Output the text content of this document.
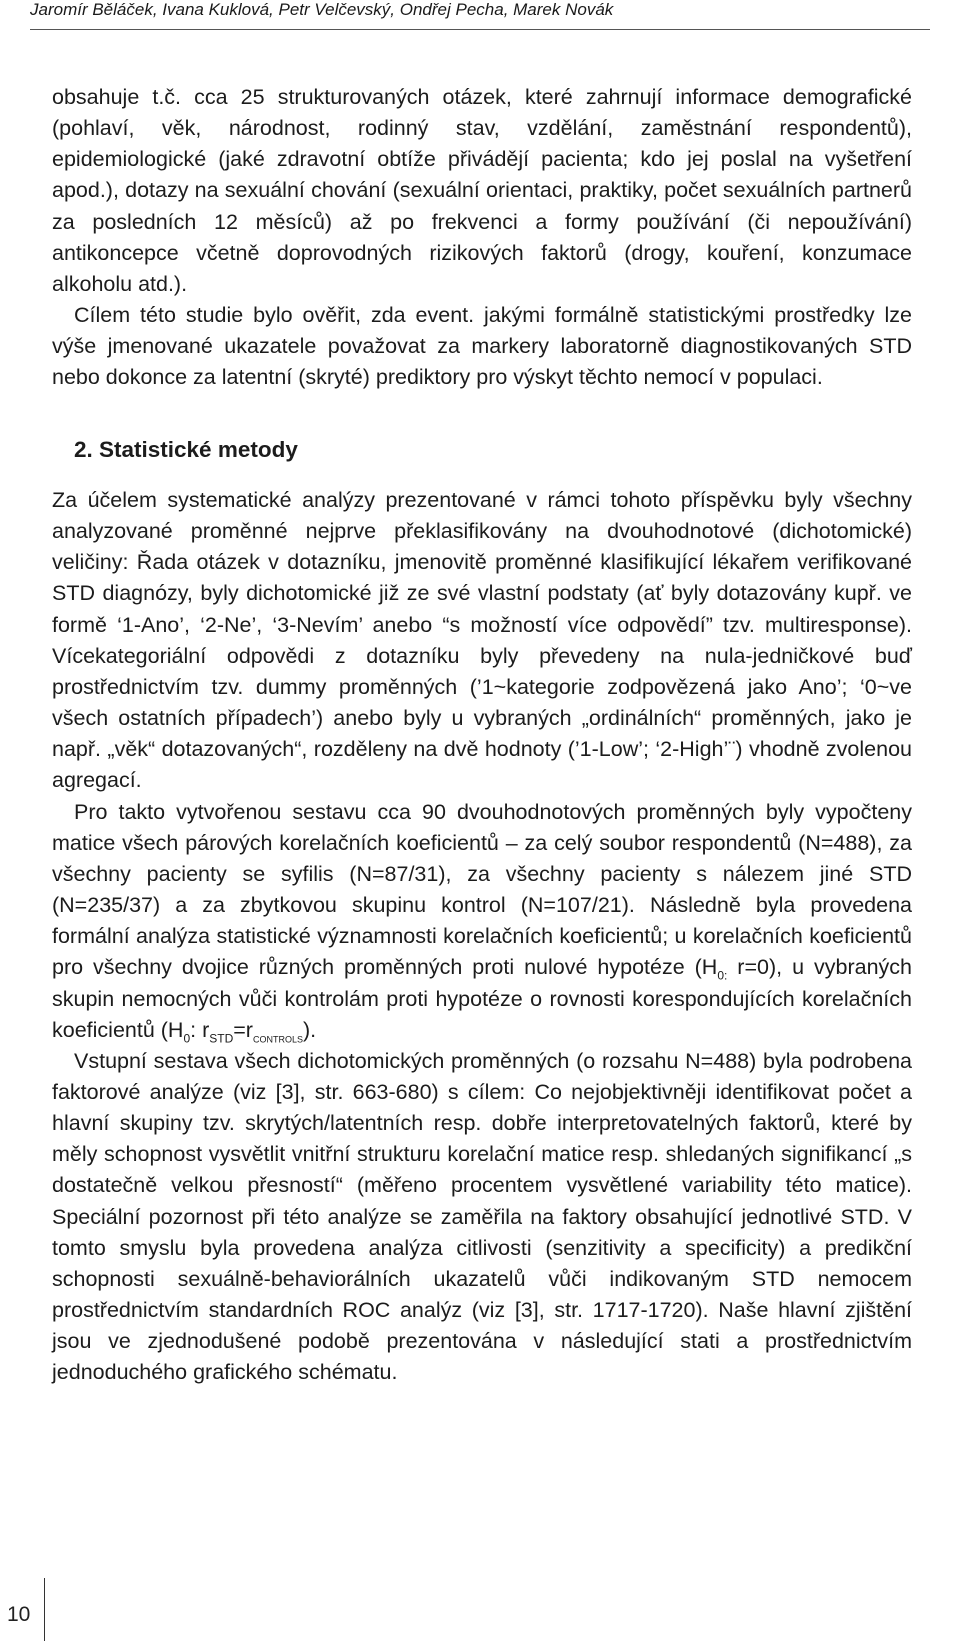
Jaromír Běláček, Ivana Kuklová, Petr Velčevský, Ondřej Pecha, Marek Novák

obsahuje t.č. cca 25 strukturovaných otázek, které zahrnují informace demografické (pohlaví, věk, národnost, rodinný stav, vzdělání, zaměstnání respondentů), epidemiologické (jaké zdravotní obtíže přivádějí pacienta; kdo jej poslal na vyšetření apod.), dotazy na sexuální chování (sexuální orientaci, praktiky, počet sexuálních partnerů za posledních 12 měsíců) až po frekvenci a formy používání (či nepoužívání) antikoncepce včetně doprovodných rizikových faktorů (drogy, kouření, konzumace alkoholu atd.).

Cílem této studie bylo ověřit, zda event. jakými formálně statistickými prostředky lze výše jmenované ukazatele považovat za markery laboratorně diagnostikovaných STD nebo dokonce za latentní (skryté) prediktory pro výskyt těchto nemocí v populaci.

2. Statistické metody

Za účelem systematické analýzy prezentované v rámci tohoto příspěvku byly všechny analyzované proměnné nejprve překlasifikovány na dvouhodnotové (dichotomické) veličiny: Řada otázek v dotazníku, jmenovitě proměnné klasifikující lékařem verifikované STD diagnózy, byly dichotomické již ze své vlastní podstaty (ať byly dotazovány kupř. ve formě ‘1-Ano’, ‘2-Ne’, ‘3-Nevím’ anebo “s možností více odpovědí” tzv. multiresponse). Vícekategoriální odpovědi z dotazníku byly převedeny na nula-jedničkové buď prostřednictvím tzv. dummy proměnných (’1~kategorie zodpovězená jako Ano’; ‘0~ve všech ostatních případech’) anebo byly u vybraných „ordinálních“ proměnných, jako je např. „věk“ dotazovaných“, rozděleny na dvě hodnoty (’1-Low’; ‘2-High’¨) vhodně zvolenou agregací.

Pro takto vytvořenou sestavu cca 90 dvouhodnotových proměnných byly vypočteny matice všech párových korelačních koeficientů – za celý soubor respondentů (N=488), za všechny pacienty se syfilis (N=87/31), za všechny pacienty s nálezem jiné STD (N=235/37) a za zbytkovou skupinu kontrol (N=107/21). Následně byla provedena formální analýza statistické významnosti korelačních koeficientů; u korelačních koeficientů pro všechny dvojice různých proměnných proti nulové hypotéze ($H_{0:}$ r=0), u vybraných skupin nemocných vůči kontrolám proti hypotéze o rovnosti korespondujících korelačních koeficientů ($H_0$: $r_{STD}=r_{CONTROLS}$).

Vstupní sestava všech dichotomických proměnných (o rozsahu N=488) byla podrobena faktorové analýze (viz [3], str. 663-680) s cílem: Co nejobjektivněji identifikovat počet a hlavní skupiny tzv. skrytých/latentních resp. dobře interpretovatelných faktorů, které by měly schopnost vysvětlit vnitřní strukturu korelační matice resp. shledaných signifikancí „s dostatečně velkou přesností“ (měřeno procentem vysvětlené variability této matice). Speciální pozornost při této analýze se zaměřila na faktory obsahující jednotlivé STD. V tomto smyslu byla provedena analýza citlivosti (senzitivity a specificity) a predikční schopnosti sexuálně-behaviorálních ukazatelů vůči indikovaným STD nemocem prostřednictvím standardních ROC analýz (viz [3], str. 1717-1720). Naše hlavní zjištění jsou ve zjednodušené podobě prezentována v následující stati a prostřednictvím jednoduchého grafického schématu.

10
